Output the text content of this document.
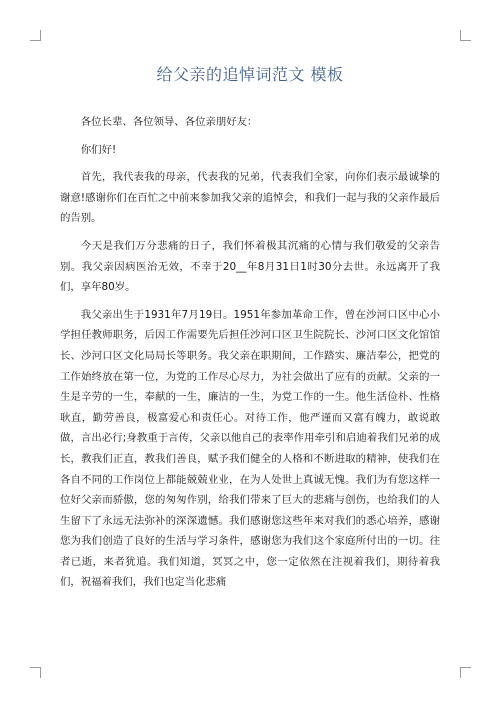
给父亲的追悼词范文 模板

各位长辈、各位领导、各位亲朋好友：

你们好!

首先，我代表我的母亲，代表我的兄弟，代表我们全家，向你们表示最诚挚的谢意!感谢你们在百忙之中前来参加我父亲的追悼会，和我们一起与我的父亲作最后的告别。

今天是我们万分悲痛的日子，我们怀着极其沉痛的心情与我们敬爱的父亲告别。我父亲因病医治无效，不幸于20__年8月31日1时30分去世。永远离开了我们，享年80岁。

我父亲出生于1931年7月19日。1951年参加革命工作，曾在沙河口区中心小学担任教师职务，后因工作需要先后担任沙河口区卫生院院长、沙河口区文化馆馆长、沙河口区文化局局长等职务。我父亲在职期间，工作踏实、廉洁奉公，把党的工作始终放在第一位，为党的工作尽心尽力，为社会做出了应有的贡献。父亲的一生是辛劳的一生，奉献的一生，廉洁的一生，为党工作的一生。他生活俭朴、性格耿直，勤劳善良，极富爱心和责任心。对待工作，他严谨而又富有魄力，敢说敢做，言出必行;身教重于言传，父亲以他自己的表率作用牵引和启迪着我们兄弟的成长，教我们正直，教我们善良，赋予我们健全的人格和不断进取的精神，使我们在各自不同的工作岗位上都能兢兢业业，在为人处世上真诚无愧。我们为有您这样一位好父亲而骄傲，您的匆匆作别，给我们带来了巨大的悲痛与创伤，也给我们的人生留下了永远无法弥补的深深遗憾。我们感谢您这些年来对我们的悉心培养，感谢您为我们创造了良好的生活与学习条件，感谢您为我们这个家庭所付出的一切。往者已逝，来者犹追。我们知道，冥冥之中，您一定依然在注视着我们，期待着我们，祝福着我们，我们也定当化悲痛
